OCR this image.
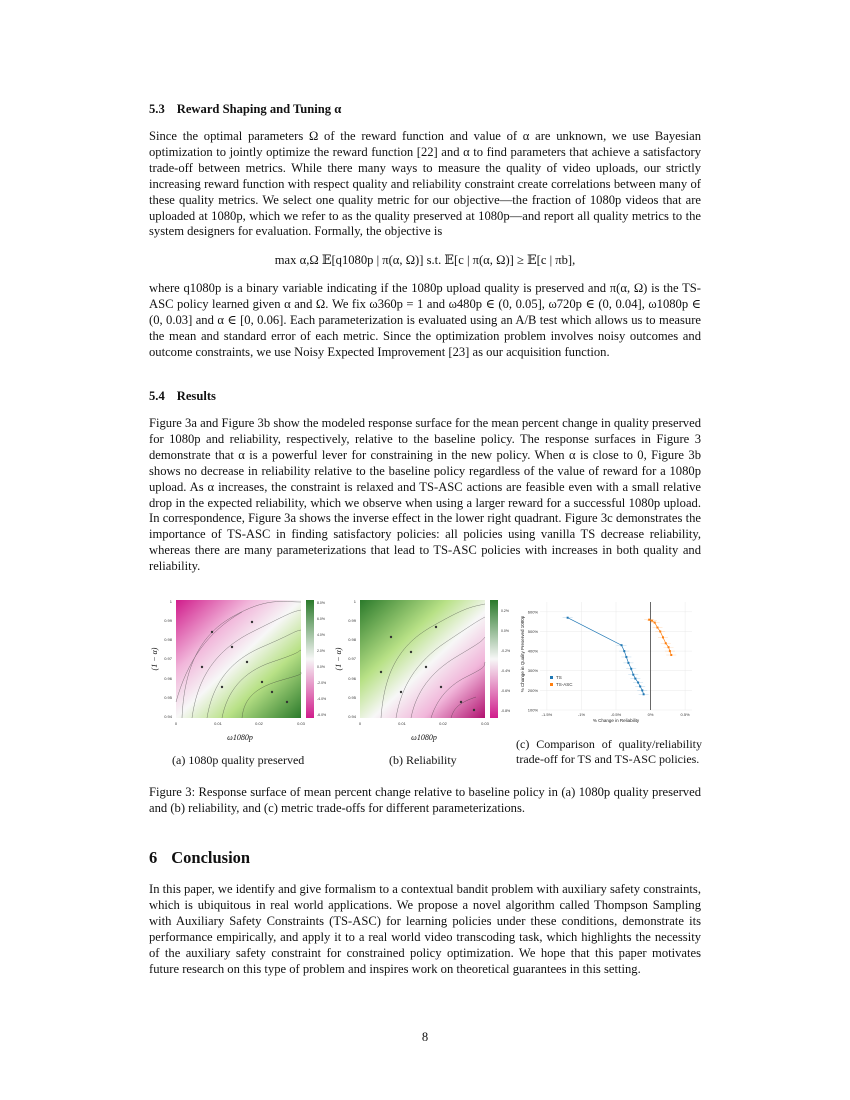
5.3 Reward Shaping and Tuning α

Since the optimal parameters Ω of the reward function and value of α are unknown, we use Bayesian optimization to jointly optimize the reward function [22] and α to find parameters that achieve a satisfactory trade-off between metrics. While there many ways to measure the quality of video uploads, our strictly increasing reward function with respect quality and reliability constraint create correlations between many of these quality metrics. We select one quality metric for our objective—the fraction of 1080p videos that are uploaded at 1080p, which we refer to as the quality preserved at 1080p—and report all quality metrics to the system designers for evaluation. Formally, the objective is

max α,Ω 𝔼[q1080p | π(α, Ω)] s.t. 𝔼[c | π(α, Ω)] ≥ 𝔼[c | πb],

where q1080p is a binary variable indicating if the 1080p upload quality is preserved and π(α, Ω) is the TS-ASC policy learned given α and Ω. We fix ω360p = 1 and ω480p ∈ (0, 0.05], ω720p ∈ (0, 0.04], ω1080p ∈ (0, 0.03] and α ∈ [0, 0.06]. Each parameterization is evaluated using an A/B test which allows us to measure the mean and standard error of each metric. Since the optimization problem involves noisy outcomes and outcome constraints, we use Noisy Expected Improvement [23] as our acquisition function.

5.4 Results

Figure 3a and Figure 3b show the modeled response surface for the mean percent change in quality preserved for 1080p and reliability, respectively, relative to the baseline policy. The response surfaces in Figure 3 demonstrate that α is a powerful lever for constraining in the new policy. When α is close to 0, Figure 3b shows no decrease in reliability relative to the baseline policy regardless of the value of reward for a 1080p upload. As α increases, the constraint is relaxed and TS-ASC actions are feasible even with a small relative drop in the expected reliability, which we observe when using a larger reward for a successful 1080p upload. In correspondence, Figure 3a shows the inverse effect in the lower right quadrant. Figure 3c demonstrates the importance of TS-ASC in finding satisfactory policies: all policies using vanilla TS decrease reliability, whereas there are many parameterizations that lead to TS-ASC policies with increases in both quality and reliability.

1
0.99
0.98
0.97
0.96
0.95
0.94
0	0.01	0.02	0.03
8.0%
6.0%
4.0%
2.0%
0.0%
-2.0%
-4.0%
-6.0%
(1 − α)
ω1080p
1
0.99
0.98
0.97
0.96
0.95
0.94
0	0.01	0.02	0.03
0.2%
0.0%
-0.2%
-0.4%
-0.6%
-0.8%
(1 − α)
ω1080p
600%
500%
400%
300%
200%
100%
-1.5%	-1%	-0.5%	0%	0.5%
TS
TS-ASC
% Change in Quality Preserved 1080p
% Change in Reliability
(a) 1080p quality preserved	(b) Reliability
(c) Comparison of quality/reliability trade-off for TS and TS-ASC policies.

Figure 3: Response surface of mean percent change relative to baseline policy in (a) 1080p quality preserved and (b) reliability, and (c) metric trade-offs for different parameterizations.

6 Conclusion

In this paper, we identify and give formalism to a contextual bandit problem with auxiliary safety constraints, which is ubiquitous in real world applications. We propose a novel algorithm called Thompson Sampling with Auxiliary Safety Constraints (TS-ASC) for learning policies under these conditions, demonstrate its performance empirically, and apply it to a real world video transcoding task, which highlights the necessity of the auxiliary safety constraint for constrained policy optimization. We hope that this paper motivates future research on this type of problem and inspires work on theoretical guarantees in this setting.

8
